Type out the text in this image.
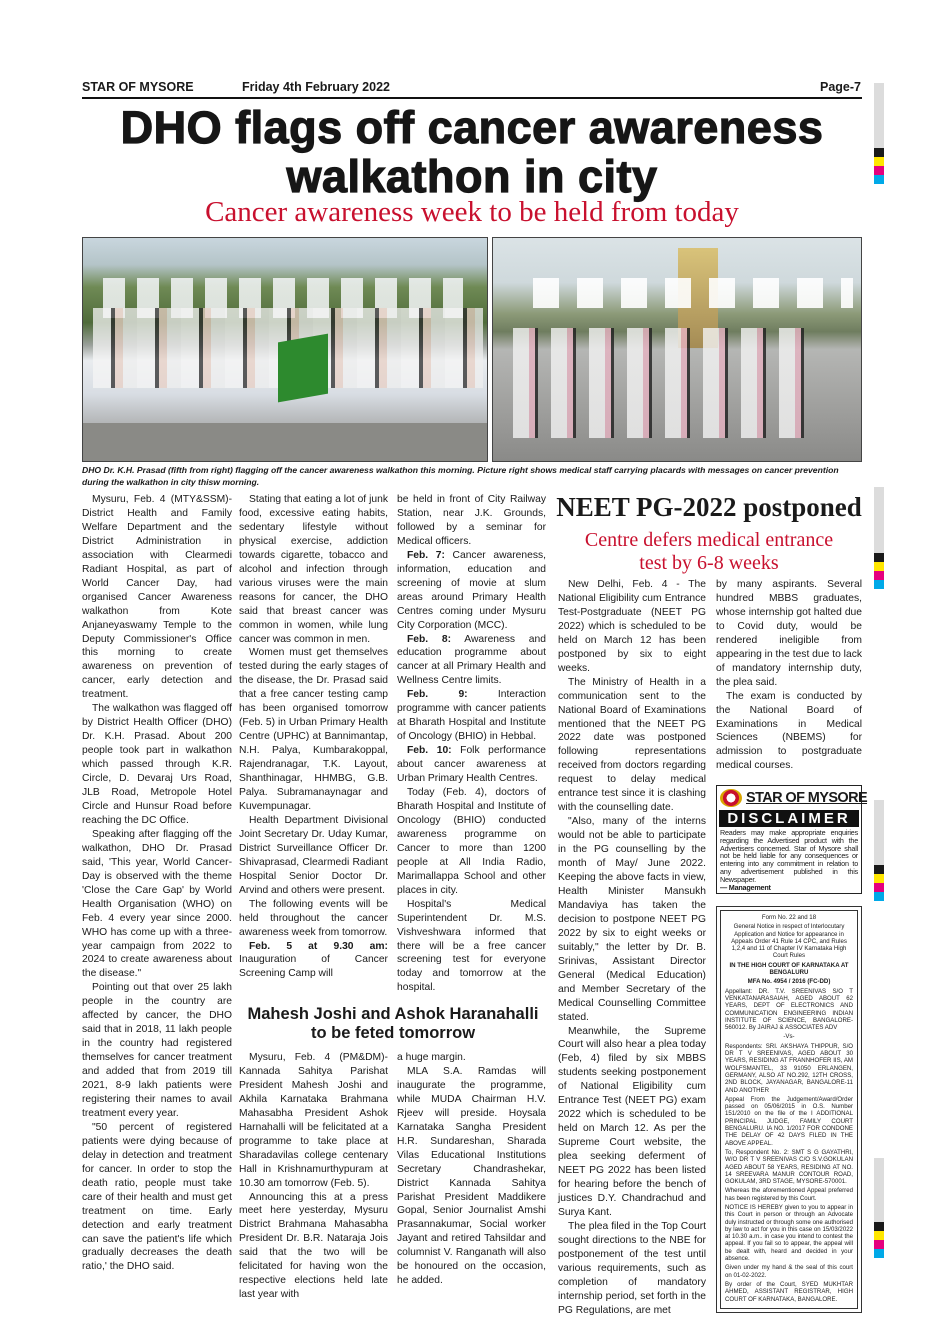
STAR OF MYSORE	Friday 4th February 2022	Page-7
DHO flags off cancer awareness
walkathon in city
Cancer awareness week to be held from today
DHO Dr. K.H. Prasad (fifth from right) flagging off the cancer awareness walkathon this morning. Picture right shows medical staff carrying placards with messages on cancer prevention
during the walkathon in city thisw morning.

Mysuru, Feb. 4 (MTY&SSM)- District Health and Family Welfare Department and the District Administration in association with Clearmedi Radiant Hospital, as part of World Cancer Day, had organised Cancer Awareness walkathon from Kote Anjaneyaswamy Temple to the Deputy Commissioner's Office this morning to create awareness on prevention of cancer, early detection and treatment.

The walkathon was flagged off by District Health Officer (DHO) Dr. K.H. Prasad. About 200 people took part in walkathon which passed through K.R. Circle, D. Devaraj Urs Road, JLB Road, Metropole Hotel Circle and Hunsur Road before reaching the DC Office.

Speaking after flagging off the walkathon, DHO Dr. Prasad said, 'This year, World Cancer-Day is observed with the theme 'Close the Care Gap' by World Health Organisation (WHO) on Feb. 4 every year since 2000. WHO has come up with a three-year campaign from 2022 to 2024 to create awareness about the disease."

Pointing out that over 25 lakh people in the country are affected by cancer, the DHO said that in 2018, 11 lakh people in the country had registered themselves for cancer treatment and added that from 2019 till 2021, 8-9 lakh patients were registering their names to avail treatment every year.

"50 percent of registered patients were dying because of delay in detection and treatment for cancer. In order to stop the death ratio, people must take care of their health and must get treatment on time. Early detection and early treatment can save the patient's life which gradually decreases the death ratio,' the DHO said.

Stating that eating a lot of junk food, excessive eating habits, sedentary lifestyle without physical exercise, addiction towards cigarette, tobacco and alcohol and infection through various viruses were the main reasons for cancer, the DHO said that breast cancer was common in women, while lung cancer was common in men.

Women must get themselves tested during the early stages of the disease, the Dr. Prasad said that a free cancer testing camp has been organised tomorrow (Feb. 5) in Urban Primary Health Centre (UPHC) at Bannimantap, N.H. Palya, Kumbarakoppal, Rajendranagar, T.K. Layout, Shanthinagar, HHMBG, G.B. Palya. Subramanaynagar and Kuvempunagar.

Health Department Divisional Joint Secretary Dr. Uday Kumar, District Surveillance Officer Dr. Shivaprasad, Clearmedi Radiant Hospital Senior Doctor Dr. Arvind and others were present.

The following events will be held throughout the cancer awareness week from tomorrow.

Feb. 5 at 9.30 am: Inauguration of Cancer Screening Camp will

be held in front of City Railway Station, near J.K. Grounds, followed by a seminar for Medical officers.

Feb. 7: Cancer awareness, information, education and screening of movie at slum areas around Primary Health Centres coming under Mysuru City Corporation (MCC).

Feb. 8: Awareness and education programme about cancer at all Primary Health and Wellness Centre limits.

Feb. 9: Interaction programme with cancer patients at Bharath Hospital and Institute of Oncology (BHIO) in Hebbal.

Feb. 10: Folk performance about cancer awareness at Urban Primary Health Centres.

Today (Feb. 4), doctors of Bharath Hospital and Institute of Oncology (BHIO) conducted awareness programme on Cancer to more than 1200 people at All India Radio, Marimallappa School and other places in city.

Hospital's Medical Superintendent Dr. M.S. Vishveshwara informed that there will be a free cancer screening test for everyone today and tomorrow at the hospital.

Mahesh Joshi and Ashok Haranahalli
to be feted tomorrow

Mysuru, Feb. 4 (PM&DM)- Kannada Sahitya Parishat President Mahesh Joshi and Akhila Karnataka Brahmana Mahasabha President Ashok Harnahalli will be felicitated at a programme to take place at Sharadavilas college centenary Hall in Krishnamurthypuram at 10.30 am tomorrow (Feb. 5).

Announcing this at a press meet here yesterday, Mysuru District Brahmana Mahasabha President Dr. B.R. Nataraja Jois said that the two will be felicitated for having won the respective elections held late last year with

a huge margin.

MLA S.A. Ramdas will inaugurate the programme, while MUDA Chairman H.V. Rjeev will preside. Hoysala Karnataka Sangha President H.R. Sundareshan, Sharada Vilas Educational Institutions Secretary Chandrashekar, District Kannada Sahitya Parishat President Maddikere Gopal, Senior Journalist Amshi Prasannakumar, Social worker Jayant and retired Tahsildar and columnist V. Ranganath will also be honoured on the occasion, he added.

NEET PG-2022 postponed
Centre defers medical entrance
test by 6-8 weeks

New Delhi, Feb. 4 - The National Eligibility cum Entrance Test-Postgraduate (NEET PG 2022) which is scheduled to be held on March 12 has been postponed by six to eight weeks.

The Ministry of Health in a communication sent to the National Board of Examinations mentioned that the NEET PG 2022 date was postponed following representations received from doctors regarding request to delay medical entrance test since it is clashing with the counselling date.

"Also, many of the interns would not be able to participate in the PG counselling by the month of May/ June 2022. Keeping the above facts in view, Health Minister Mansukh Mandaviya has taken the decision to postpone NEET PG 2022 by six to eight weeks or suitably," the letter by Dr. B. Srinivas, Assistant Director General (Medical Education) and Member Secretary of the Medical Counselling Committee stated.

Meanwhile, the Supreme Court will also hear a plea today (Feb, 4) filed by six MBBS students seeking postponement of National Eligibility cum Entrance Test (NEET PG) exam 2022 which is scheduled to be held on March 12. As per the Supreme Court website, the plea seeking deferment of NEET PG 2022 has been listed for hearing before the bench of justices D.Y. Chandrachud and Surya Kant.

The plea filed in the Top Court sought directions to the NBE for postponement of the test until various requirements, such as completion of mandatory internship period, set forth in the PG Regulations, are met

by many aspirants. Several hundred MBBS graduates, whose internship got halted due to Covid duty, would be rendered ineligible from appearing in the test due to lack of mandatory internship duty, the plea said.

The exam is conducted by the National Board of Examinations in Medical Sciences (NBEMS) for admission to postgraduate medical courses.

STAR OF MYSORE
DISCLAIMER
Readers may make appropriate enquiries regarding the Advertised product with the Advertisers concerned. Star of Mysore shall not be held liable for any consequences or entering into any commitment in relation to any advertisement published in this Newspaper.
— Management

Form No. 22 and 18

General Notice in respect of Interlocutary Application and Notice for appearance in Appeals Order 41 Rule 14 CPC, and Rules 1,2,4 and 11 of Chapter IV Karnataka High Court Rules

IN THE HIGH COURT OF KARNATAKA AT BENGALURU

MFA No. 4954 / 2016 (FC-DD)

Appellant: DR. T.V. SREENIVAS S/O T VENKATANARASAIAH, AGED ABOUT 62 YEARS, DEPT OF ELECTRONICS AND COMMUNICATION ENGINEERING INDIAN INSTITUTE OF SCIENCE, BANGALORE-560012. By JAIRAJ & ASSOCIATES ADV

-Vs-

Respondents: SRI. AKSHAYA THIPPUR, S/O DR T V SREENIVAS, AGED ABOUT 30 YEARS, RESIDING AT FRANNHOFER IIS, AM WOLFSMANTEL, 33 91050 ERLANGEN, GERMANY, ALSO AT NO.292, 12TH CROSS, 2ND BLOCK, JAYANAGAR, BANGALORE-11 AND ANOTHER

Appeal From the Judgement/Award/Order passed on 05/06/2015 in O.S. Number 151/2010 on the file of the I ADDITIONAL PRINCIPAL JUDGE, FAMILY COURT BENGALURU. IA NO. 1/2017 FOR CONDONE THE DELAY OF 42 DAYS FILED IN THE ABOVE APPEAL.

To, Respondent No. 2: SMT S G GAYATHRI, W/O DR T V SREENIVAS C/O S.V.GOKULAN AGED ABOUT 58 YEARS, RESIDING AT NO. 14 SREEVARA MANUR CONTOUR ROAD, GOKULAM, 3RD STAGE, MYSORE-570001.

Whereas the aforementioned Appeal preferred has been registered by this Court.

NOTICE IS HEREBY given to you to appear in this Court in person or through an Advocate duly instructed or through some one authorised by law to act for you in this case on 15/03/2022 at 10.30 a.m.. in case you intend to contest the appeal. If you fail so to appear, the appeal will be dealt with, heard and decided in your absence.

Given under my hand & the seal of this court on 01-02-2022.

By order of the Court, SYED MUKHTAR AHMED, ASSISTANT REGISTRAR, HIGH COURT OF KARNATAKA, BANGALORE.
